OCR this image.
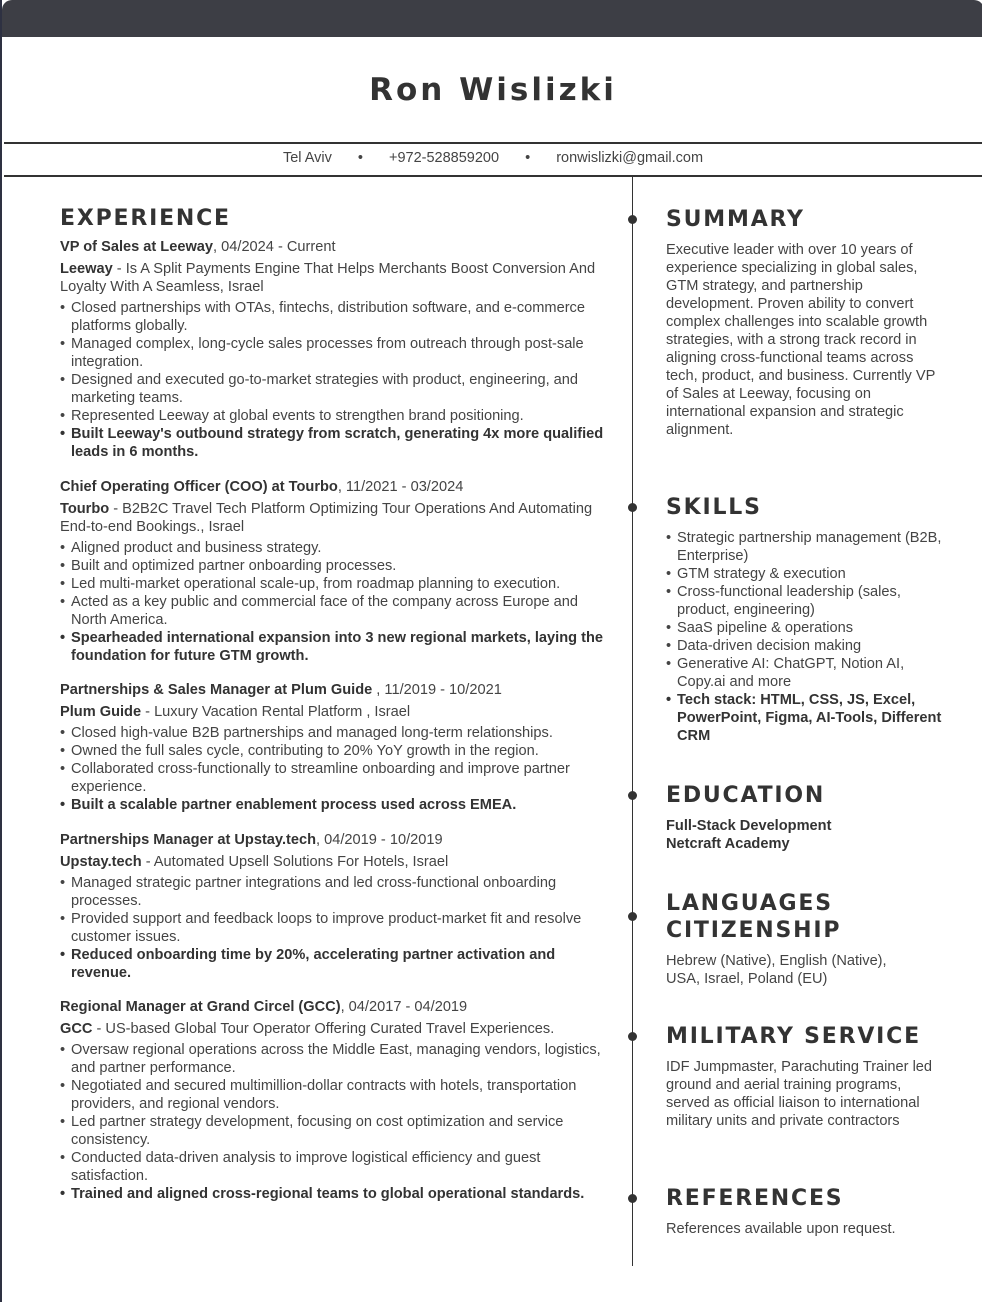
Ron Wislizki
Tel Aviv • +972-528859200 • ronwislizki@gmail.com
EXPERIENCE
VP of Sales at Leeway, 04/2024 - Current
Leeway - Is A Split Payments Engine That Helps Merchants Boost Conversion And Loyalty With A Seamless, Israel
• Closed partnerships with OTAs, fintechs, distribution software, and e-commerce platforms globally.
• Managed complex, long-cycle sales processes from outreach through post-sale integration.
• Designed and executed go-to-market strategies with product, engineering, and marketing teams.
• Represented Leeway at global events to strengthen brand positioning.
• Built Leeway's outbound strategy from scratch, generating 4x more qualified leads in 6 months.
Chief Operating Officer (COO) at Tourbo, 11/2021 - 03/2024
Tourbo - B2B2C Travel Tech Platform Optimizing Tour Operations And Automating End-to-end Bookings., Israel
• Aligned product and business strategy.
• Built and optimized partner onboarding processes.
• Led multi-market operational scale-up, from roadmap planning to execution.
• Acted as a key public and commercial face of the company across Europe and North America.
• Spearheaded international expansion into 3 new regional markets, laying the foundation for future GTM growth.
Partnerships & Sales Manager at Plum Guide , 11/2019 - 10/2021
Plum Guide - Luxury Vacation Rental Platform , Israel
• Closed high-value B2B partnerships and managed long-term relationships.
• Owned the full sales cycle, contributing to 20% YoY growth in the region.
• Collaborated cross-functionally to streamline onboarding and improve partner experience.
• Built a scalable partner enablement process used across EMEA.
Partnerships Manager at Upstay.tech, 04/2019 - 10/2019
Upstay.tech - Automated Upsell Solutions For Hotels, Israel
• Managed strategic partner integrations and led cross-functional onboarding processes.
• Provided support and feedback loops to improve product-market fit and resolve customer issues.
• Reduced onboarding time by 20%, accelerating partner activation and revenue.
Regional Manager at Grand Circel (GCC), 04/2017 - 04/2019
GCC - US-based Global Tour Operator Offering Curated Travel Experiences.
• Oversaw regional operations across the Middle East, managing vendors, logistics, and partner performance.
• Negotiated and secured multimillion-dollar contracts with hotels, transportation providers, and regional vendors.
• Led partner strategy development, focusing on cost optimization and service consistency.
• Conducted data-driven analysis to improve logistical efficiency and guest satisfaction.
• Trained and aligned cross-regional teams to global operational standards.
SUMMARY
Executive leader with over 10 years of experience specializing in global sales, GTM strategy, and partnership development. Proven ability to convert complex challenges into scalable growth strategies, with a strong track record in aligning cross-functional teams across tech, product, and business. Currently VP of Sales at Leeway, focusing on international expansion and strategic alignment.
SKILLS
• Strategic partnership management (B2B, Enterprise)
• GTM strategy & execution
• Cross-functional leadership (sales, product, engineering)
• SaaS pipeline & operations
• Data-driven decision making
• Generative AI: ChatGPT, Notion AI, Copy.ai and more
• Tech stack: HTML, CSS, JS, Excel, PowerPoint, Figma, AI-Tools, Different CRM
EDUCATION
Full-Stack Development
Netcraft Academy
LANGUAGES
CITIZENSHIP
Hebrew (Native), English (Native),
USA, Israel, Poland (EU)
MILITARY SERVICE
IDF Jumpmaster, Parachuting Trainer led ground and aerial training programs, served as official liaison to international military units and private contractors
REFERENCES
References available upon request.
